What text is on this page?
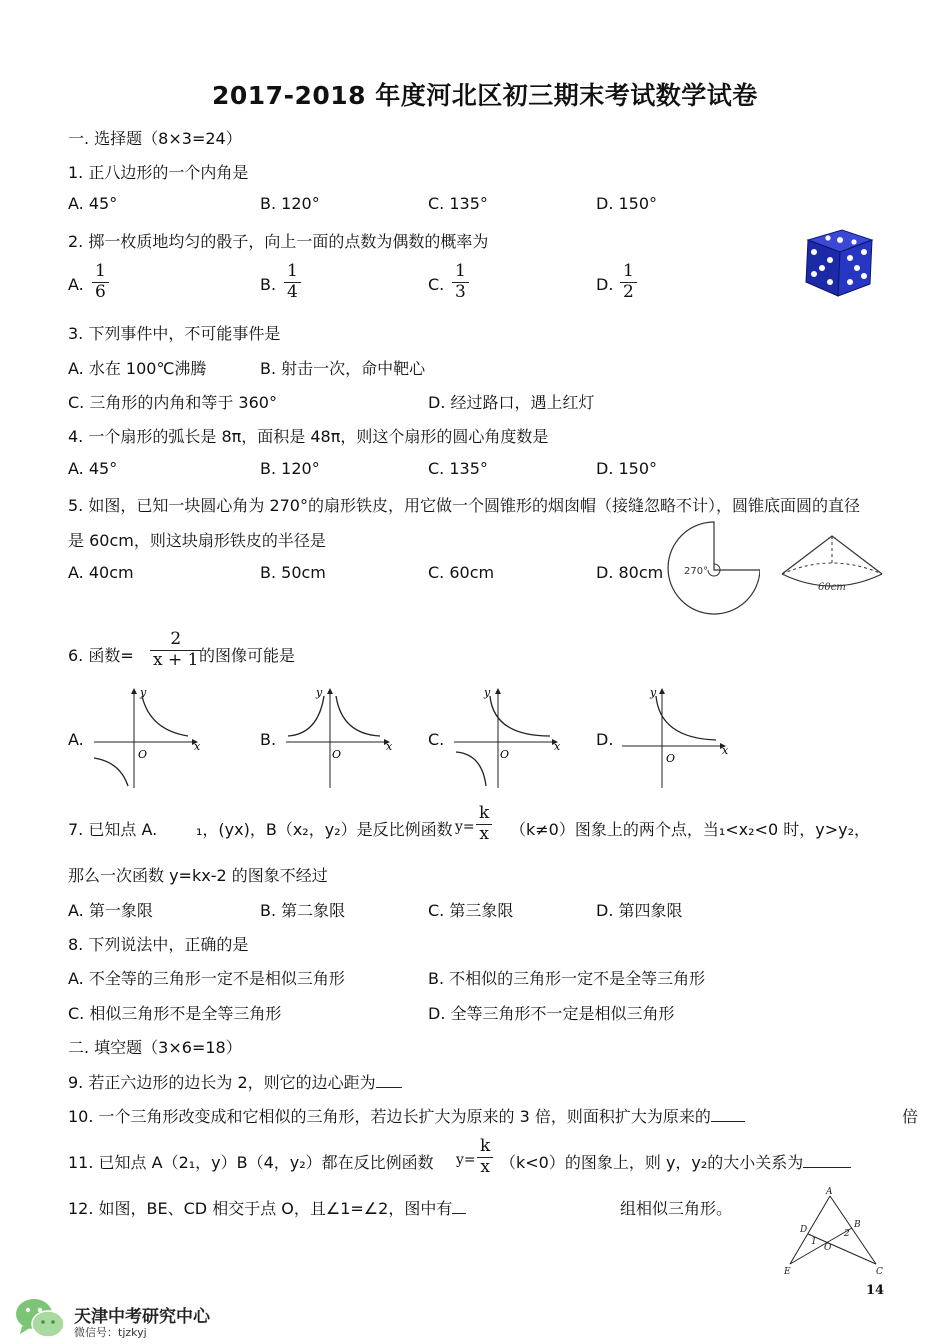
2017-2018 年度河北区初三期末考试数学试卷
一. 选择题（8×3=24）
1. 正八边形的一个内角是
A. 45°	B. 120°	C. 135°	D. 150°
2. 掷一枚质地均匀的骰子，向上一面的点数为偶数的概率为
A. $\frac{1}{6}$	B. $\frac{1}{4}$	C. $\frac{1}{3}$	D. $\frac{1}{2}$
3. 下列事件中，不可能事件是
A. 水在 100℃沸腾	B. 射击一次，命中靶心
C. 三角形的内角和等于 360°	D. 经过路口，遇上红灯
4. 一个扇形的弧长是 8π，面积是 48π，则这个扇形的圆心角度数是
A. 45°	B. 120°	C. 135°	D. 150°
5. 如图，已知一块圆心角为 270°的扇形铁皮，用它做一个圆锥形的烟囱帽（接缝忽略不计），圆锥底面圆的直径
是 60cm，则这块扇形铁皮的半径是
A. 40cm	B. 50cm	C. 60cm	D. 80cm 270°
60cm
6. 函数= $\frac{2}{x + 1}$
的图像可能是
A.	B.	C.	D.
y
x
O
y
x
O
y
x
O
y
x
O
7. 已知点 A. ₁，(yx)，B（x₂，y₂）是反比例函数 $y= \frac{k}{x} (k\ne 0)$图象上的两个点，当₁<x₂<0 时，y>y₂，
那么一次函数 y=kx-2 的图象不经过
A. 第一象限	B. 第二象限	C. 第三象限	D. 第四象限
8. 下列说法中，正确的是
A. 不全等的三角形一定不是相似三角形	B. 不相似的三角形一定不是全等三角形
C. 相似三角形不是全等三角形	D. 全等三角形不一定是相似三角形
二. 填空题（3×6=18）
9. 若正六边形的边长为 2，则它的边心距为
10. 一个三角形改变成和它相似的三角形，若边长扩大为原来的 3 倍，则面积扩大为原来的	倍
11. 已知点 A（2₁，y）B（4，y₂）都在反比例函数 $y= \frac{k}{x} (k<0)$的图象上，则 y，y₂的大小关系为
12. 如图，BE、CD 相交于点 O，且∠1=∠2，图中有	组相似三角形。
A
D	B
O
E	C
1
2
14
天津中考研究中心
微信号：tjzkyj
